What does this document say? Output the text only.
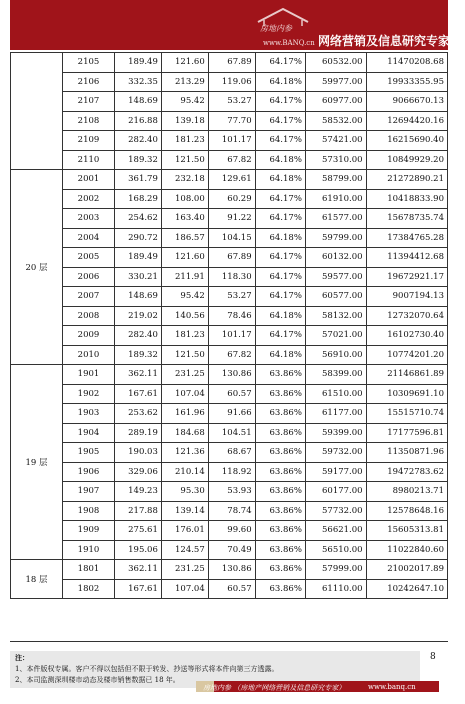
房地内参
www.BANQ.cn 网络营销及信息研究专家
	2105	189.49	121.60	67.89	64.17%	60532.00	11470208.68
	2106	332.35	213.29	119.06	64.18%	59977.00	19933355.95
	2107	148.69	95.42	53.27	64.17%	60977.00	9066670.13
	2108	216.88	139.18	77.70	64.17%	58532.00	12694420.16
	2109	282.40	181.23	101.17	64.17%	57421.00	16215690.40
	2110	189.32	121.50	67.82	64.18%	57310.00	10849929.20
20 层	2001	361.79	232.18	129.61	64.18%	58799.00	21272890.21
	2002	168.29	108.00	60.29	64.17%	61910.00	10418833.90
	2003	254.62	163.40	91.22	64.17%	61577.00	15678735.74
	2004	290.72	186.57	104.15	64.18%	59799.00	17384765.28
	2005	189.49	121.60	67.89	64.17%	60132.00	11394412.68
	2006	330.21	211.91	118.30	64.17%	59577.00	19672921.17
	2007	148.69	95.42	53.27	64.17%	60577.00	9007194.13
	2008	219.02	140.56	78.46	64.18%	58132.00	12732070.64
	2009	282.40	181.23	101.17	64.17%	57021.00	16102730.40
	2010	189.32	121.50	67.82	64.18%	56910.00	10774201.20
19 层	1901	362.11	231.25	130.86	63.86%	58399.00	21146861.89
	1902	167.61	107.04	60.57	63.86%	61510.00	10309691.10
	1903	253.62	161.96	91.66	63.86%	61177.00	15515710.74
	1904	289.19	184.68	104.51	63.86%	59399.00	17177596.81
	1905	190.03	121.36	68.67	63.86%	59732.00	11350871.96
	1906	329.06	210.14	118.92	63.86%	59177.00	19472783.62
	1907	149.23	95.30	53.93	63.86%	60177.00	8980213.71
	1908	217.88	139.14	78.74	63.86%	57732.00	12578648.16
	1909	275.61	176.01	99.60	63.86%	56621.00	15605313.81
	1910	195.06	124.57	70.49	63.86%	56510.00	11022840.60
18 层	1801	362.11	231.25	130.86	63.86%	57999.00	21002017.89
	1802	167.61	107.04	60.57	63.86%	61110.00	10242647.10
注：
1、本件版权专属。客户不得以包括但不限于转发、抄送等形式将本件向第三方透露。
2、本司监测深圳楼市动态及楼市销售数据已 18 年。
8
房地内参 （房地产网络营销及信息研究专家）	www.banq.cn
